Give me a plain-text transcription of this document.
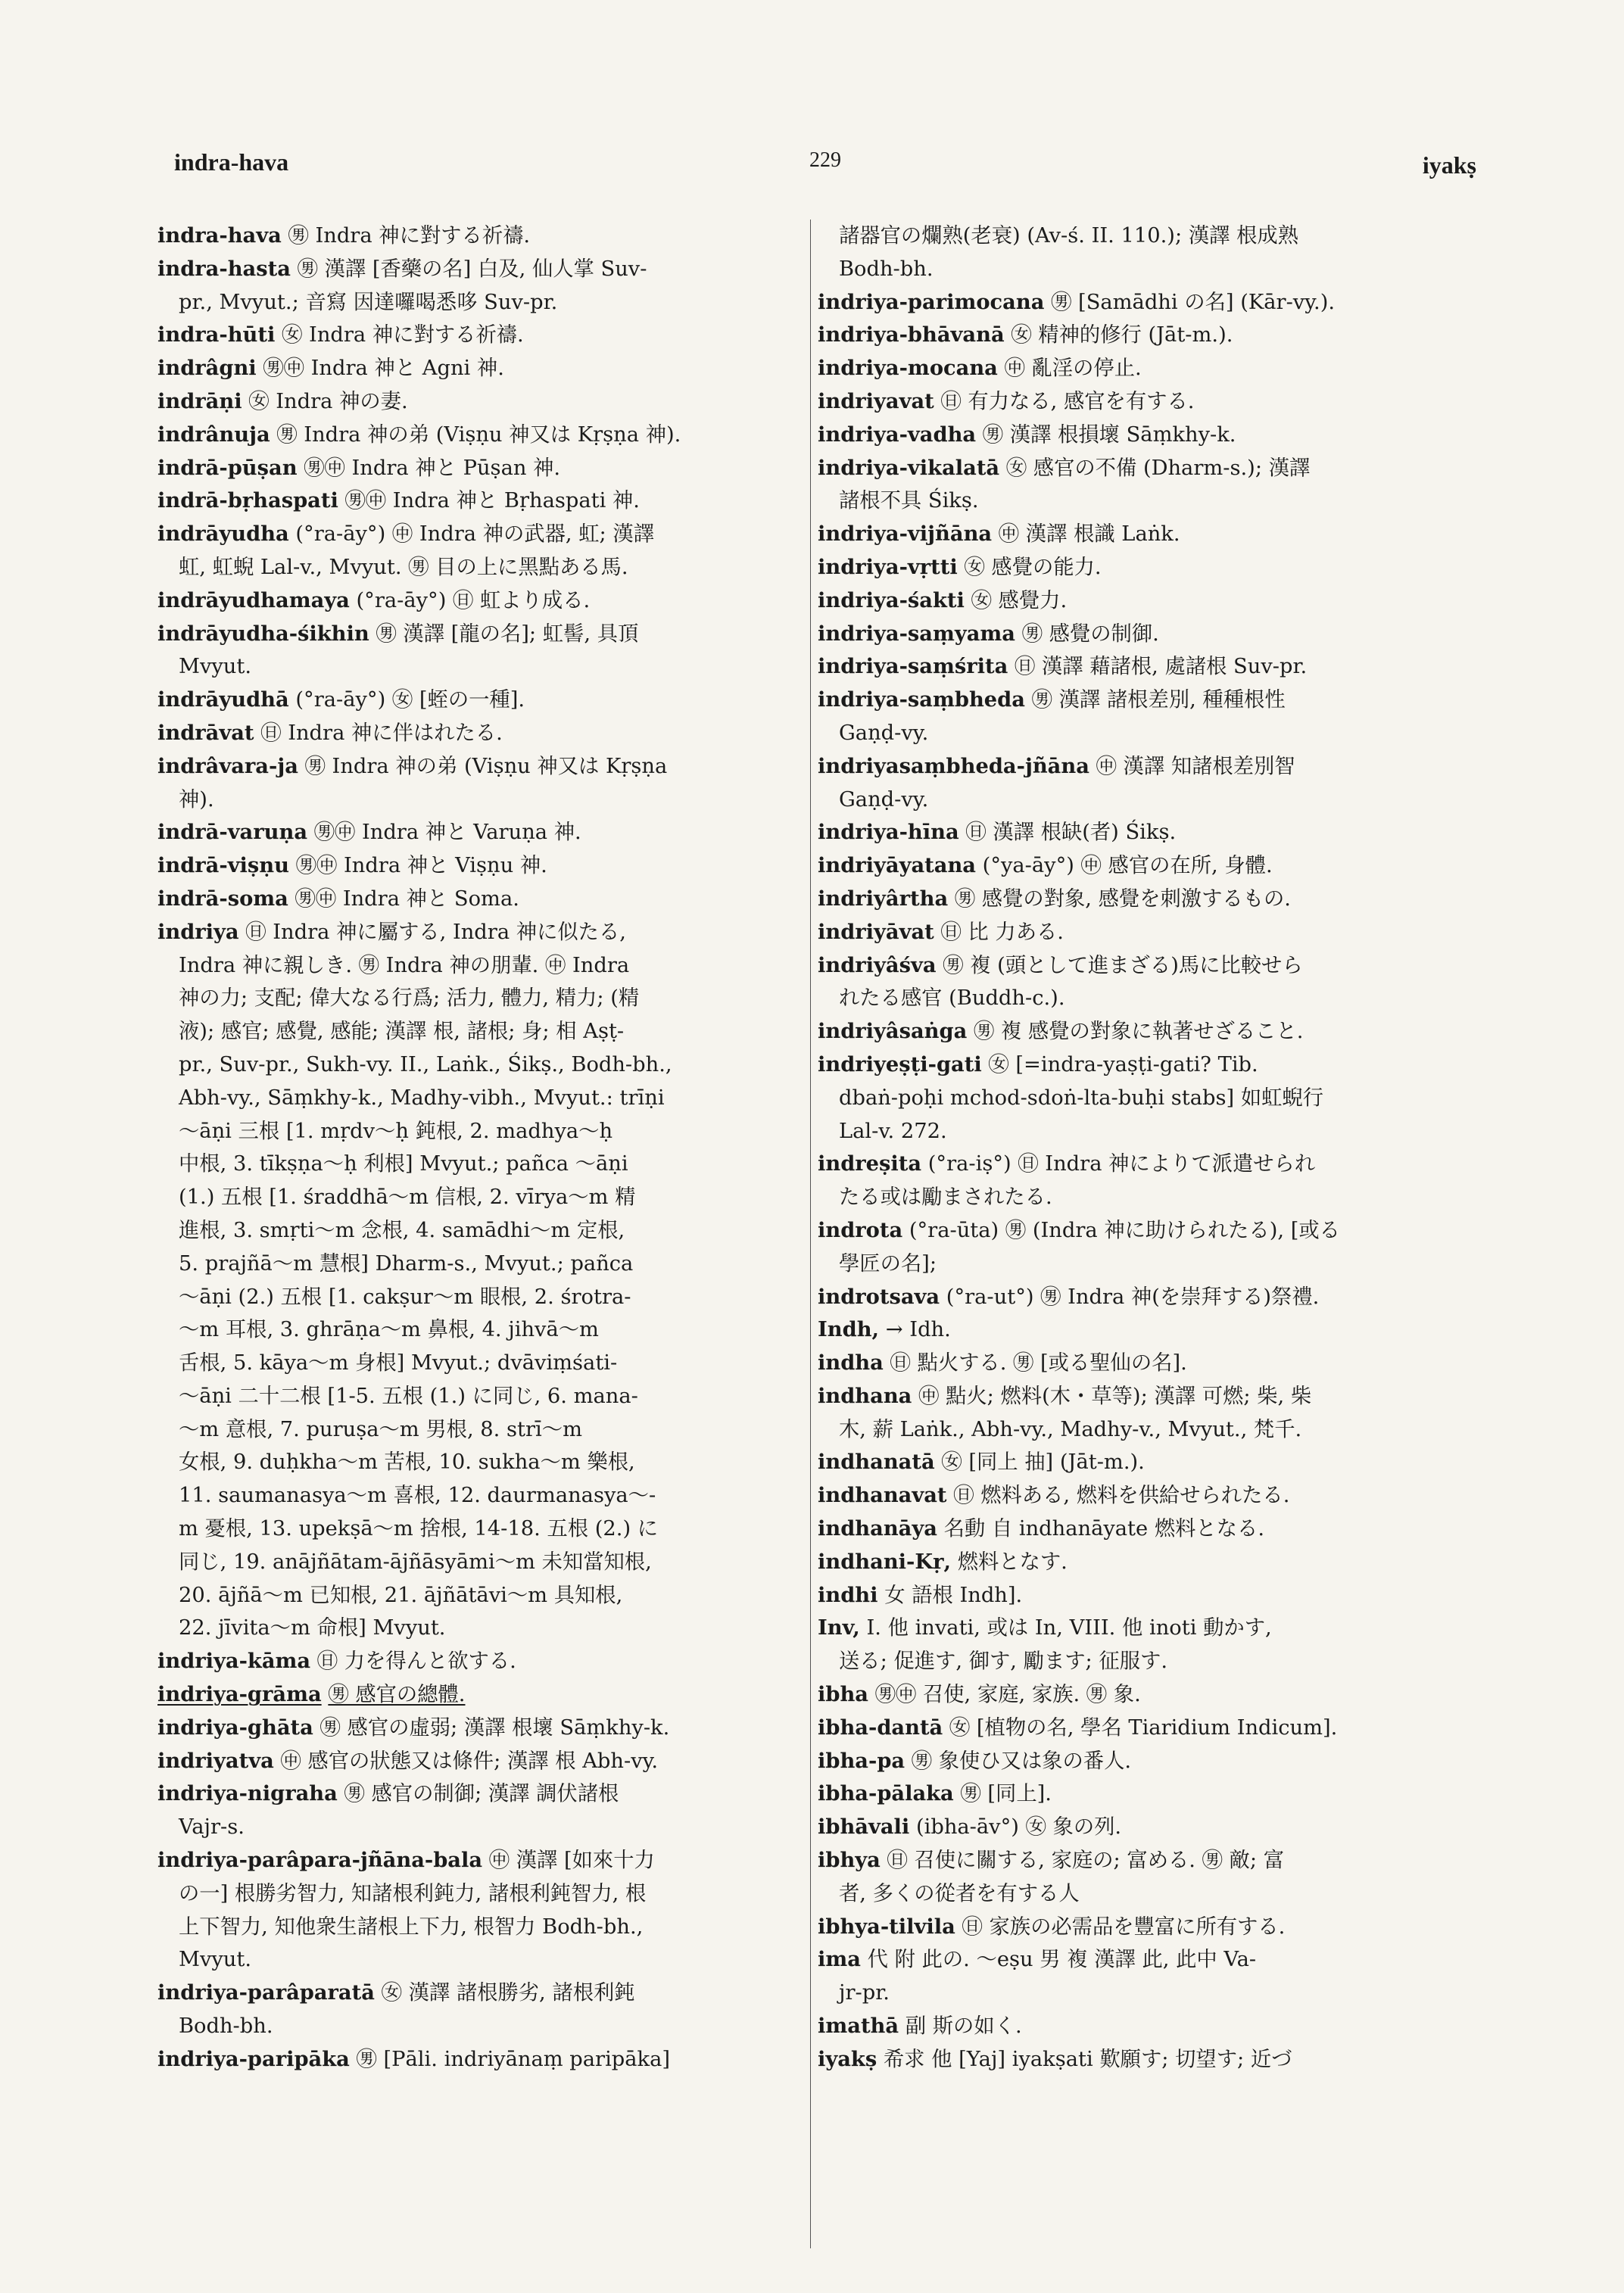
indra-hava	229	iyakṣ
indra-hava ㊚ Indra 神に對する祈禱.
indra-hasta ㊚ 漢譯 [香藥の名] 白及, 仙人掌 Suv-
pr., Mvyut.; 音寫 因達囉喝悉哆 Suv-pr.
indra-hūti ㊛ Indra 神に對する祈禱.
indrâgni ㊚㊥ Indra 神と Agni 神.
indrāṇi ㊛ Indra 神の妻.
indrânuja ㊚ Indra 神の弟 (Viṣṇu 神又は Kṛṣṇa 神).
indrā-pūṣan ㊚㊥ Indra 神と Pūṣan 神.
indrā-bṛhaspati ㊚㊥ Indra 神と Bṛhaspati 神.
indrāyudha (°ra-āy°) ㊥ Indra 神の武器, 虹; 漢譯
虹, 虹蜺 Lal-v., Mvyut. ㊚ 目の上に黑點ある馬.
indrāyudhamaya (°ra-āy°) ㊐ 虹より成る.
indrāyudha-śikhin ㊚ 漢譯 [龍の名]; 虹髻, 具頂
Mvyut.
indrāyudhā (°ra-āy°) ㊛ [蛭の一種].
indrāvat ㊐ Indra 神に伴はれたる.
indrâvara-ja ㊚ Indra 神の弟 (Viṣṇu 神又は Kṛṣṇa
神).
indrā-varuṇa ㊚㊥ Indra 神と Varuṇa 神.
indrā-viṣṇu ㊚㊥ Indra 神と Viṣṇu 神.
indrā-soma ㊚㊥ Indra 神と Soma.
indriya ㊐ Indra 神に屬する, Indra 神に似たる,
Indra 神に親しき. ㊚ Indra 神の朋輩. ㊥ Indra
神の力; 支配; 偉大なる行爲; 活力, 體力, 精力; (精
液); 感官; 感覺, 感能; 漢譯 根, 諸根; 身; 相 Aṣṭ-
pr., Suv-pr., Sukh-vy. II., Laṅk., Śikṣ., Bodh-bh.,
Abh-vy., Sāṃkhy-k., Madhy-vibh., Mvyut.: trīṇi
〜āṇi 三根 [1. mṛdv〜ḥ 鈍根, 2. madhya〜ḥ
中根, 3. tīkṣṇa〜ḥ 利根] Mvyut.; pañca 〜āṇi
(1.) 五根 [1. śraddhā〜m 信根, 2. vīrya〜m 精
進根, 3. smṛti〜m 念根, 4. samādhi〜m 定根,
5. prajñā〜m 慧根] Dharm-s., Mvyut.; pañca
〜āṇi (2.) 五根 [1. cakṣur〜m 眼根, 2. śrotra-
〜m 耳根, 3. ghrāṇa〜m 鼻根, 4. jihvā〜m
舌根, 5. kāya〜m 身根] Mvyut.; dvāviṃśati-
〜āṇi 二十二根 [1-5. 五根 (1.) に同じ, 6. mana-
〜m 意根, 7. puruṣa〜m 男根, 8. strī〜m
女根, 9. duḥkha〜m 苦根, 10. sukha〜m 樂根,
11. saumanasya〜m 喜根, 12. daurmanasya〜-
m 憂根, 13. upekṣā〜m 捨根, 14-18. 五根 (2.) に
同じ, 19. anājñātam-ājñāsyāmi〜m 未知當知根,
20. ājñā〜m 已知根, 21. ājñātāvi〜m 具知根,
22. jīvita〜m 命根] Mvyut.
indriya-kāma ㊐ 力を得んと欲する.
indriya-grāma ㊚ 感官の總體.
indriya-ghāta ㊚ 感官の虛弱; 漢譯 根壞 Sāṃkhy-k.
indriyatva ㊥ 感官の狀態又は條件; 漢譯 根 Abh-vy.
indriya-nigraha ㊚ 感官の制御; 漢譯 調伏諸根
Vajr-s.
indriya-parâpara-jñāna-bala ㊥ 漢譯 [如來十力
の一] 根勝劣智力, 知諸根利鈍力, 諸根利鈍智力, 根
上下智力, 知他衆生諸根上下力, 根智力 Bodh-bh.,
Mvyut.
indriya-parâparatā ㊛ 漢譯 諸根勝劣, 諸根利鈍
Bodh-bh.
indriya-paripāka ㊚ [Pāli. indriyānaṃ paripāka]
諸器官の爛熟(老衰) (Av-ś. II. 110.); 漢譯 根成熟
Bodh-bh.
indriya-parimocana ㊚ [Samādhi の名] (Kār-vy.).
indriya-bhāvanā ㊛ 精神的修行 (Jāt-m.).
indriya-mocana ㊥ 亂淫の停止.
indriyavat ㊐ 有力なる, 感官を有する.
indriya-vadha ㊚ 漢譯 根損壞 Sāṃkhy-k.
indriya-vikalatā ㊛ 感官の不備 (Dharm-s.); 漢譯
諸根不具 Śikṣ.
indriya-vijñāna ㊥ 漢譯 根識 Laṅk.
indriya-vṛtti ㊛ 感覺の能力.
indriya-śakti ㊛ 感覺力.
indriya-saṃyama ㊚ 感覺の制御.
indriya-saṃśrita ㊐ 漢譯 藉諸根, 處諸根 Suv-pr.
indriya-saṃbheda ㊚ 漢譯 諸根差別, 種種根性
Gaṇḍ-vy.
indriyasaṃbheda-jñāna ㊥ 漢譯 知諸根差別智
Gaṇḍ-vy.
indriya-hīna ㊐ 漢譯 根缺(者) Śikṣ.
indriyāyatana (°ya-āy°) ㊥ 感官の在所, 身體.
indriyârtha ㊚ 感覺の對象, 感覺を刺激するもの.
indriyāvat ㊐ 比 力ある.
indriyâśva ㊚ 複 (頭として進まざる)馬に比較せら
れたる感官 (Buddh-c.).
indriyâsaṅga ㊚ 複 感覺の對象に執著せざること.
indriyeṣṭi-gati ㊛ [=indra-yaṣṭi-gati? Tib.
dbaṅ-poḥi mchod-sdoṅ-lta-buḥi stabs] 如虹蜺行
Lal-v. 272.
indreṣita (°ra-iṣ°) ㊐ Indra 神によりて派遣せられ
たる或は勵まされたる.
indrota (°ra-ūta) ㊚ (Indra 神に助けられたる), [或る
學匠の名];
indrotsava (°ra-ut°) ㊚ Indra 神(を崇拜する)祭禮.
Indh, → Idh.
indha ㊐ 點火する. ㊚ [或る聖仙の名].
indhana ㊥ 點火; 燃料(木・草等); 漢譯 可燃; 柴, 柴
木, 薪 Laṅk., Abh-vy., Madhy-v., Mvyut., 梵千.
indhanatā ㊛ [同上 抽] (Jāt-m.).
indhanavat ㊐ 燃料ある, 燃料を供給せられたる.
indhanāya 名動 自 indhanāyate 燃料となる.
indhani-Kṛ, 燃料となす.
indhi 女 語根 Indh].
Inv, I. 他 invati, 或は In, VIII. 他 inoti 動かす,
送る; 促進す, 御す, 勵ます; 征服す.
ibha ㊚㊥ 召使, 家庭, 家族. ㊚ 象.
ibha-dantā ㊛ [植物の名, 學名 Tiaridium Indicum].
ibha-pa ㊚ 象使ひ又は象の番人.
ibha-pālaka ㊚ [同上].
ibhāvali (ibha-āv°) ㊛ 象の列.
ibhya ㊐ 召使に關する, 家庭の; 富める. ㊚ 敵; 富
者, 多くの從者を有する人
ibhya-tilvila ㊐ 家族の必需品を豐富に所有する.
ima 代 附 此の. 〜eṣu 男 複 漢譯 此, 此中 Va-
jr-pr.
imathā 副 斯の如く.
iyakṣ 希求 他 [Yaj] iyakṣati 歎願す; 切望す; 近づ
